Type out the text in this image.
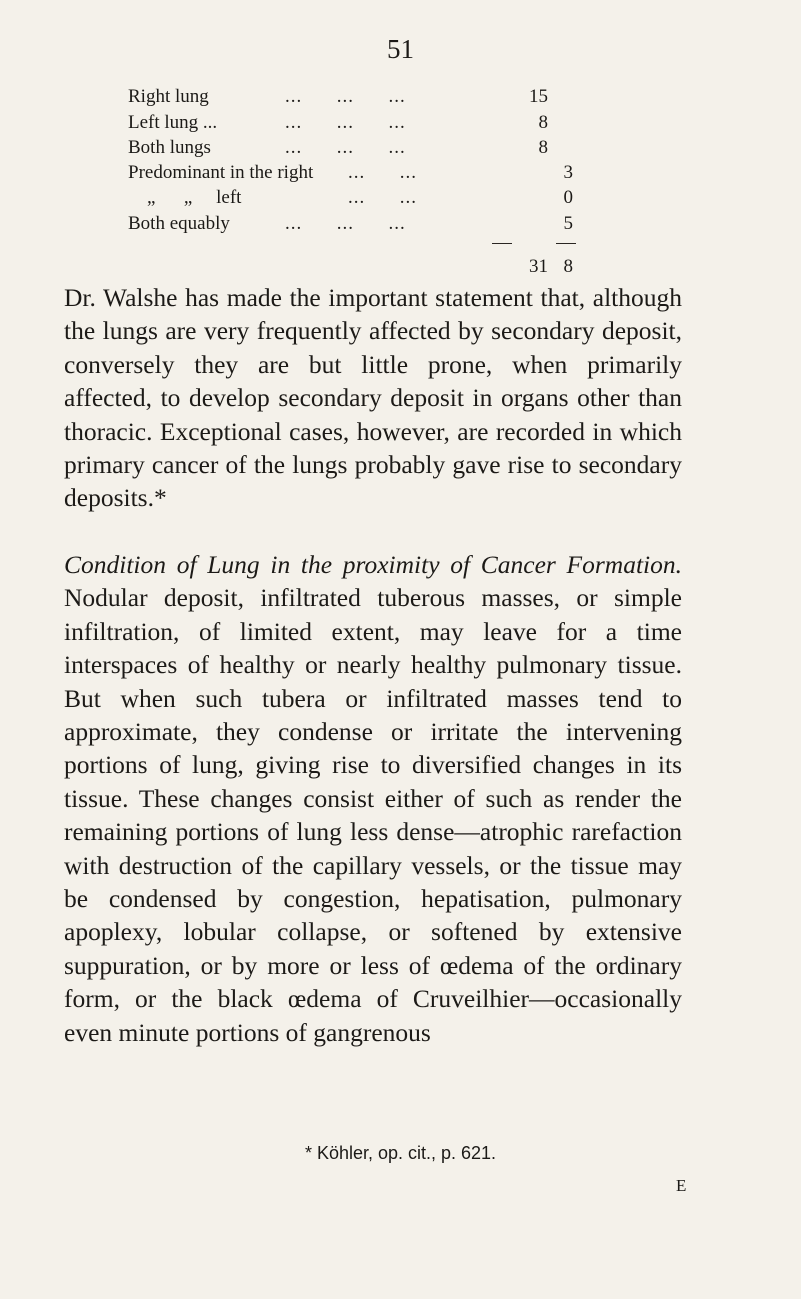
51
Right lung	...      ...      ...	15
Left lung ...	...      ...      ...	8
Both lungs	...      ...      ...	8
Predominant in the right ...      ...	3
„      „     left	...      ...	0
Both equably	...      ...      ...	5
31 8

Dr. Walshe has made the important statement that, although the lungs are very frequently affected by secondary deposit, conversely they are but little prone, when primarily affected, to develop secondary deposit in organs other than thoracic. Exceptional cases, however, are recorded in which primary cancer of the lungs probably gave rise to secondary deposits.*

Condition of Lung in the proximity of Cancer Formation. Nodular deposit, infiltrated tuberous masses, or simple infiltration, of limited extent, may leave for a time interspaces of healthy or nearly healthy pulmonary tissue. But when such tubera or infiltrated masses tend to approximate, they condense or irritate the intervening portions of lung, giving rise to diversified changes in its tissue. These changes consist either of such as render the remaining portions of lung less dense—atrophic rarefaction with destruction of the capillary vessels, or the tissue may be condensed by congestion, hepatisation, pulmonary apoplexy, lobular collapse, or softened by extensive suppuration, or by more or less of œdema of the ordinary form, or the black œdema of Cruveilhier—occasionally even minute portions of gangrenous

* Köhler, op. cit., p. 621.
E
